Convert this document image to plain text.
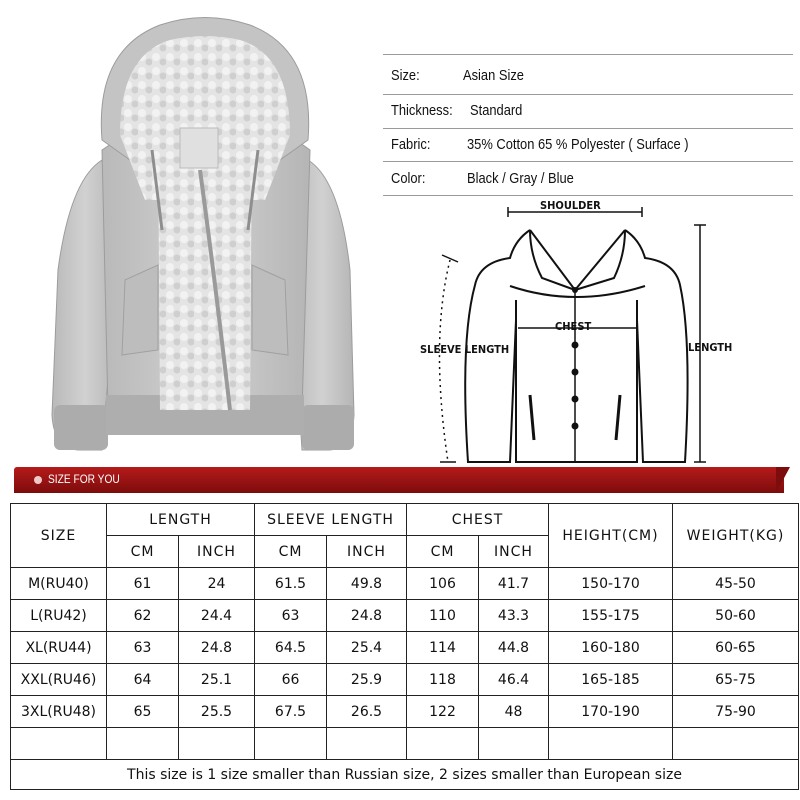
Size:	Asian Size
Thickness: Standard
Fabric: 35% Cotton 65 % Polyester ( Surface )
Color:	Black / Gray / Blue
SHOULDER
CHEST
SLEEVE LENGTH	LENGTH
SIZE FOR YOU
SIZE	LENGTH		SLEEVE LENGTH		CHEST		HEIGHT(CM)	WEIGHT(KG)
	CM	INCH	CM	INCH	CM	INCH		
M(RU40)	61	24	61.5	49.8	106	41.7	150-170	45-50
L(RU42)	62	24.4	63	24.8	110	43.3	155-175	50-60
XL(RU44)	63	24.8	64.5	25.4	114	44.8	160-180	60-65
XXL(RU46)	64	25.1	66	25.9	118	46.4	165-185	65-75
3XL(RU48)	65	25.5	67.5	26.5	122	48	170-190	75-90

This size is 1 size smaller than Russian size, 2 sizes smaller than European size								
